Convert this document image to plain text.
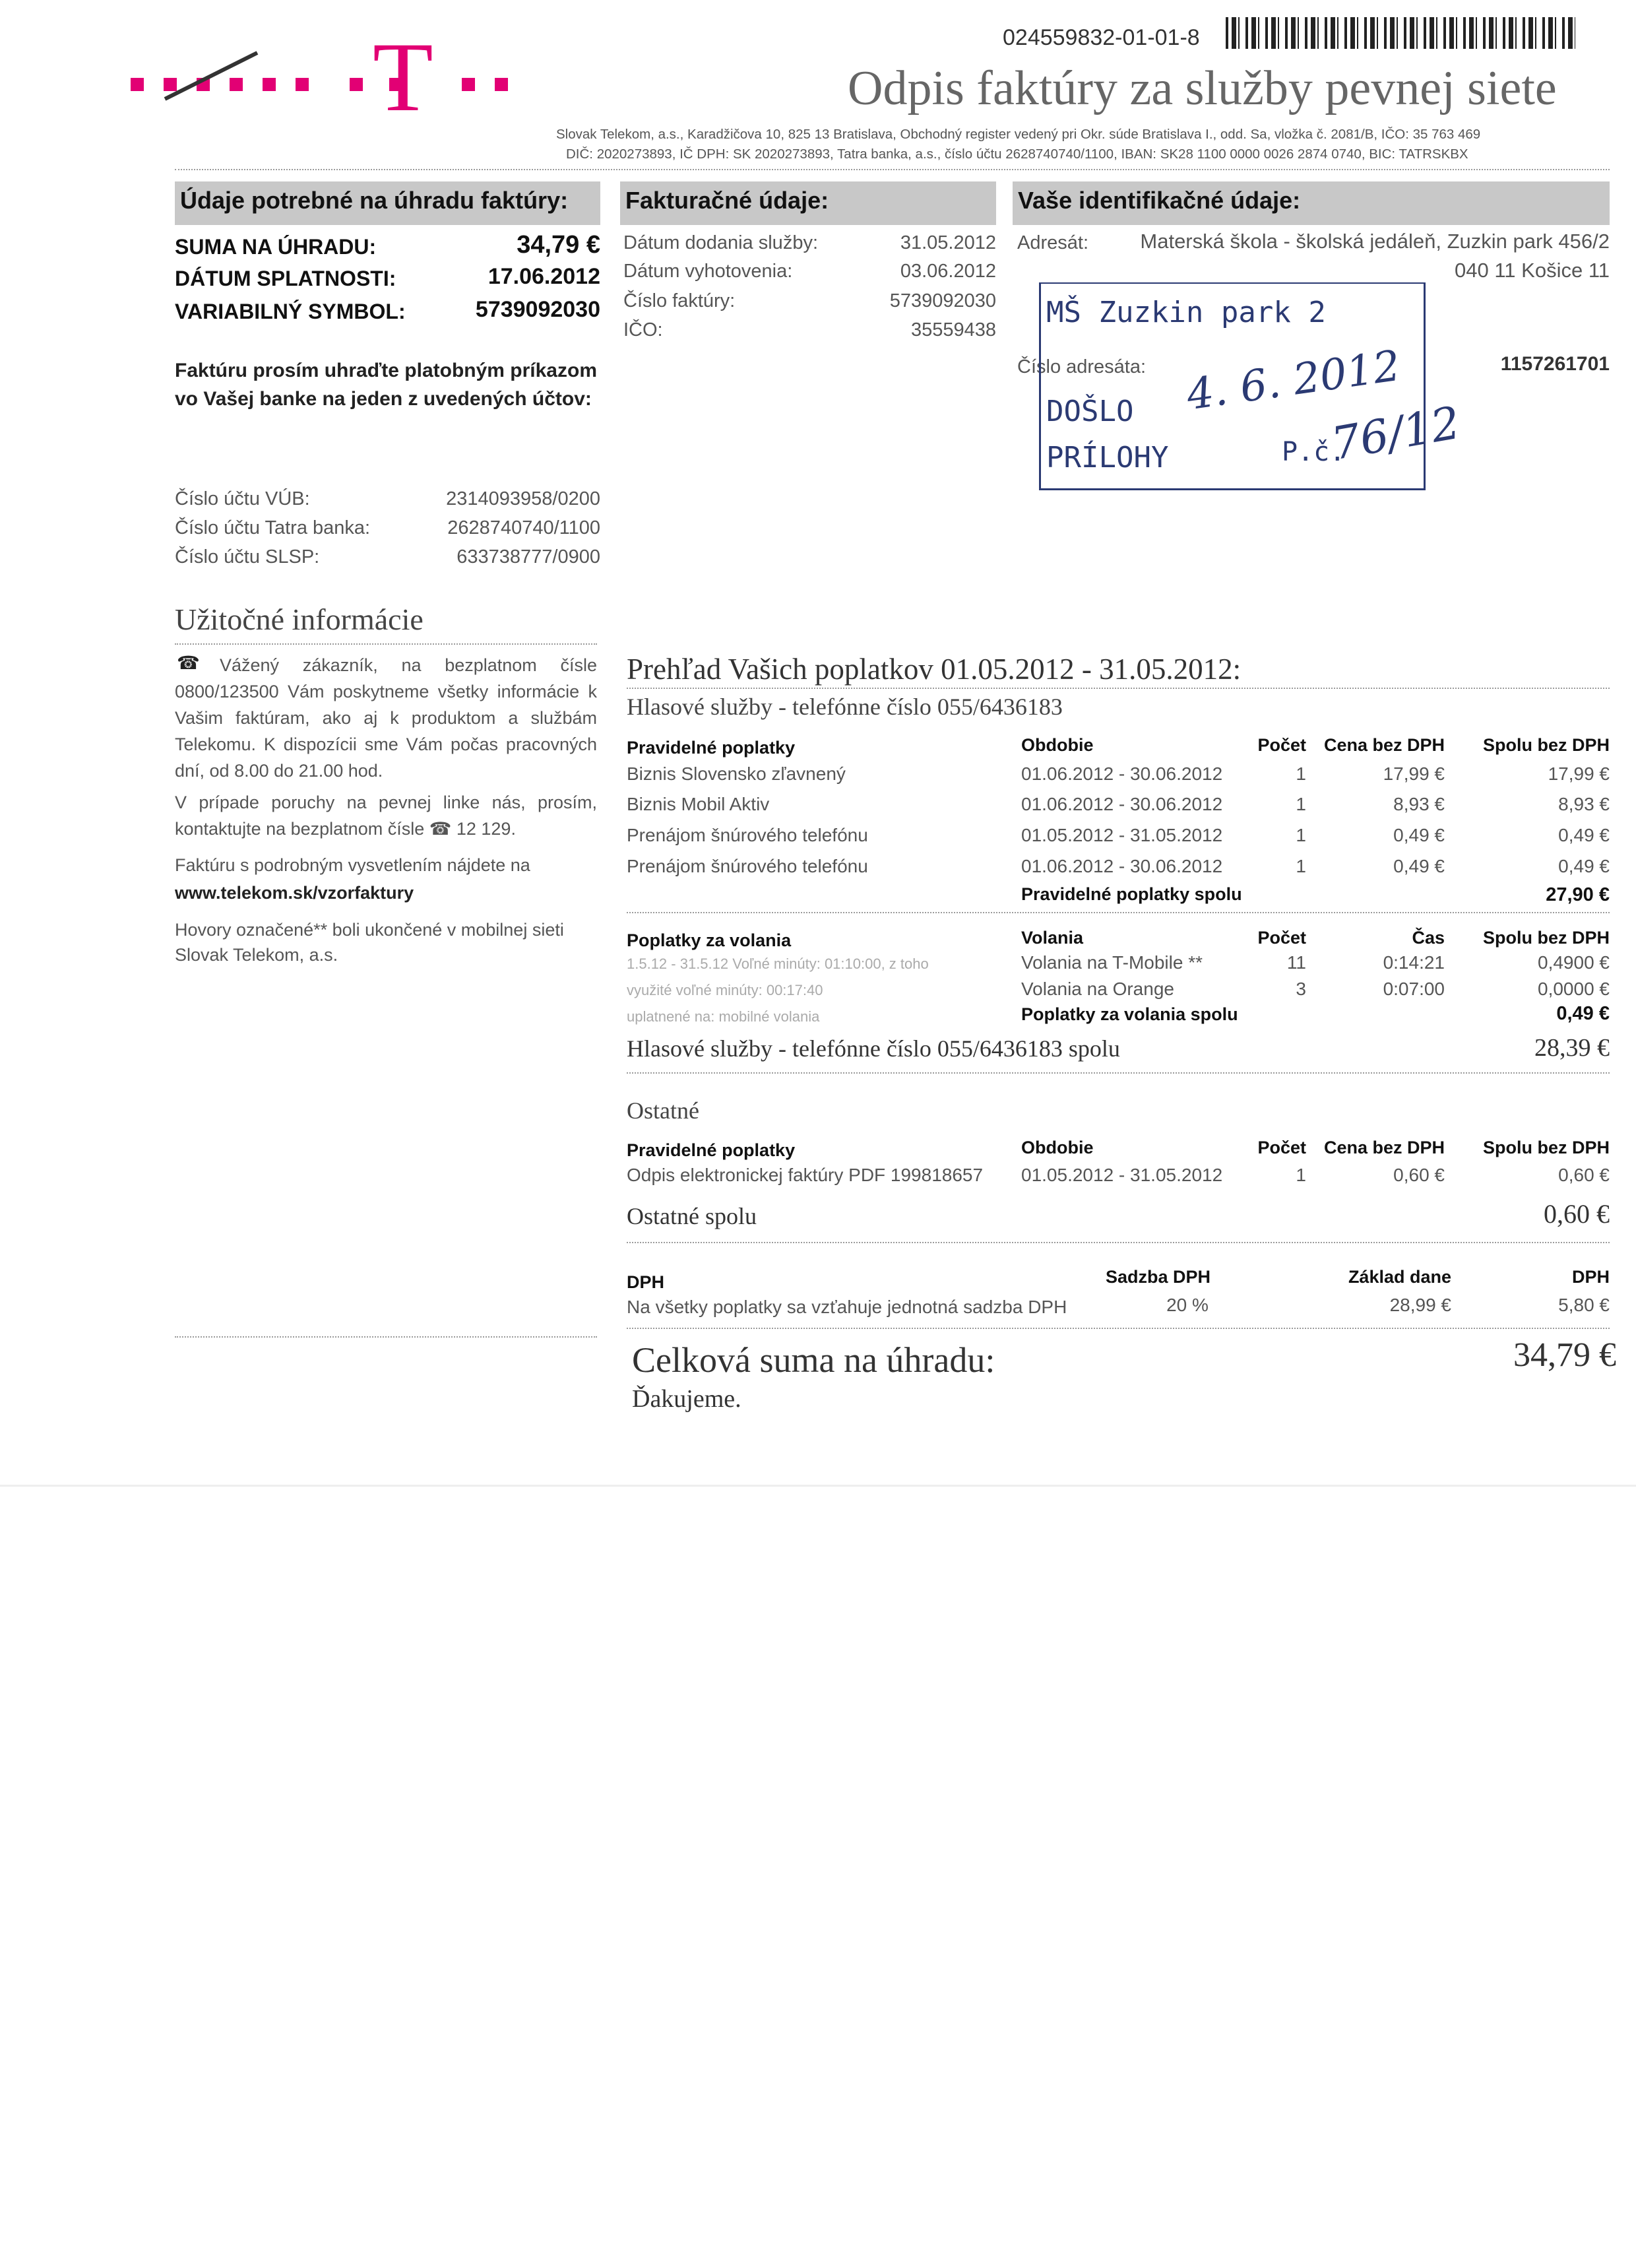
T	024559832-01-01-8
Odpis faktúry za služby pevnej siete
Slovak Telekom, a.s., Karadžičova 10, 825 13 Bratislava, Obchodný register vedený pri Okr. súde Bratislava I., odd. Sa, vložka č. 2081/B, IČO: 35 763 469
DIČ: 2020273893, IČ DPH: SK 2020273893, Tatra banka, a.s., číslo účtu 2628740740/1100, IBAN: SK28 1100 0000 0026 2874 0740, BIC: TATRSKBX
Údaje potrebné na úhradu faktúry: Fakturačné údaje:	Vaše identifikačné údaje:
SUMA NA ÚHRADU:	34,79 €
DÁTUM SPLATNOSTI:	17.06.2012
VARIABILNÝ SYMBOL:	5739092030
Faktúru prosím uhraďte platobným príkazom
vo Vašej banke na jeden z uvedených účtov:
Číslo účtu VÚB:	2314093958/0200
Číslo účtu Tatra banka:	2628740740/1100
Číslo účtu SLSP:	633738777/0900
Dátum dodania služby:	31.05.2012
Dátum vyhotovenia:	03.06.2012
Číslo faktúry:	5739092030
IČO:	35559438
Adresát:	Materská škola - školská jedáleň, Zuzkin park 456/2
040 11 Košice 11
Číslo adresáta:	1157261701
MŠ Zuzkin park 2
DOŠLO 4. 6. 2012
PRÍLOHY	P.č.
76/12
Užitočné informácie
☎	Vážený zákazník, na bezplatnom čísle 0800/123500 Vám poskytneme všetky informácie k Vašim faktúram, ako aj k produktom a službám Telekomu. K dispozícii sme Vám počas pracovných dní, od 8.00 do 21.00 hod.
V prípade poruchy na pevnej linke nás, prosím, kontaktujte na bezplatnom čísle ☎ 12 129.
Faktúru s podrobným vysvetlením nájdete na
www.telekom.sk/vzorfaktury
Hovory označené** boli ukončené v mobilnej sieti Slovak Telekom, a.s.
Prehľad Vašich poplatkov 01.05.2012 - 31.05.2012:
Hlasové služby - telefónne číslo 055/6436183
Pravidelné poplatky	Obdobie	Počet Cena bez DPH	Spolu bez DPH
Biznis Slovensko zľavnený	01.06.2012 - 30.06.2012	1	17,99 €	17,99 €
Biznis Mobil Aktiv	01.06.2012 - 30.06.2012	1	8,93 €	8,93 €
Prenájom šnúrového telefónu	01.05.2012 - 31.05.2012	1	0,49 €	0,49 €
Prenájom šnúrového telefónu	01.06.2012 - 30.06.2012	1	0,49 €	0,49 €
Pravidelné poplatky spolu	27,90 €
Poplatky za volania	Volania	Počet	Čas	Spolu bez DPH
1.5.12 - 31.5.12 Voľné minúty: 01:10:00, z toho
využité voľné minúty: 00:17:40
uplatnené na: mobilné volania
Volania na T-Mobile **	11	0:14:21	0,4900 €
Volania na Orange	3	0:07:00	0,0000 €
Poplatky za volania spolu	0,49 €
Hlasové služby - telefónne číslo 055/6436183 spolu	28,39 €
Ostatné
Pravidelné poplatky	Obdobie	Počet Cena bez DPH	Spolu bez DPH
Odpis elektronickej faktúry PDF 199818657 01.05.2012 - 31.05.2012	1	0,60 €	0,60 €
Ostatné spolu	0,60 €
DPH	Sadzba DPH	Základ dane	DPH
Na všetky poplatky sa vzťahuje jednotná sadzba DPH	20 %	28,99 €	5,80 €
Celková suma na úhradu:	34,79 €
Ďakujeme.
